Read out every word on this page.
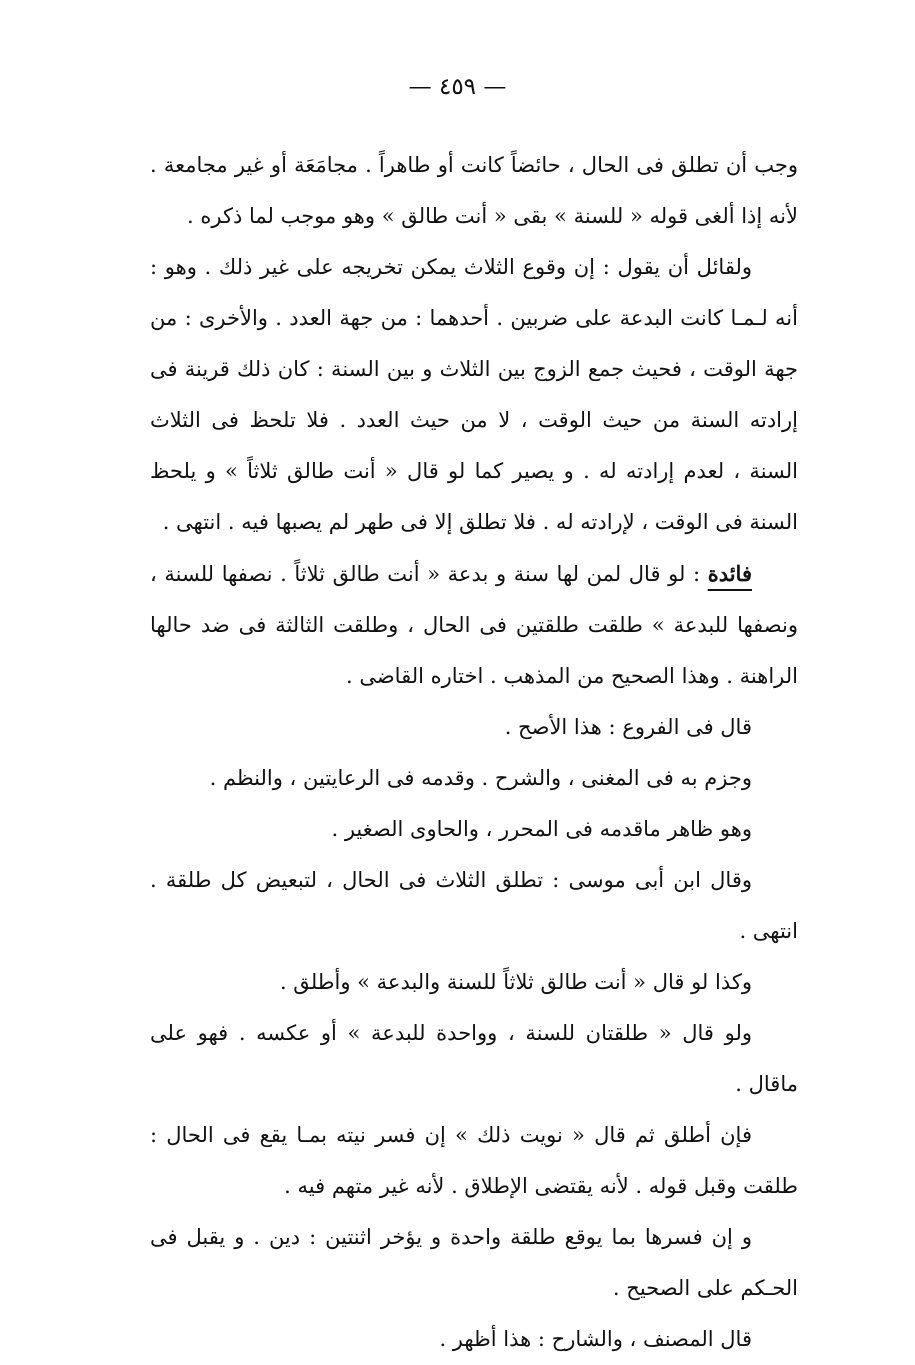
— ٤٥٩ —

وجب أن تطلق فى الحال ، حائضاً كانت أو طاهراً . مجامَعَة أو غير مجامعة . لأنه إذا ألغى قوله « للسنة » بقى « أنت طالق » وهو موجب لما ذكره .

ولقائل أن يقول : إن وقوع الثلاث يمكن تخريجه على غير ذلك . وهو : أنه لـمـا كانت البدعة على ضربين . أحدهما : من جهة العدد . والأخرى : من جهة الوقت ، فحيث جمع الزوج بين الثلاث و بين السنة : كان ذلك قرينة فى إرادته السنة من حيث الوقت ، لا من حيث العدد . فلا تلحظ فى الثلاث السنة ، لعدم إرادته له . و يصير كما لو قال « أنت طالق ثلاثاً » و يلحظ السنة فى الوقت ، لإرادته له . فلا تطلق إلا فى طهر لم يصبها فيه . انتهى .

فائدة : لو قال لمن لها سنة و بدعة « أنت طالق ثلاثاً . نصفها للسنة ، ونصفها للبدعة » طلقت طلقتين فى الحال ، وطلقت الثالثة فى ضد حالها الراهنة . وهذا الصحيح من المذهب . اختاره القاضى .

قال فى الفروع : هذا الأصح .

وجزم به فى المغنى ، والشرح . وقدمه فى الرعايتين ، والنظم .

وهو ظاهر ماقدمه فى المحرر ، والحاوى الصغير .

وقال ابن أبى موسى : تطلق الثلاث فى الحال ، لتبعيض كل طلقة . انتهى .

وكذا لو قال « أنت طالق ثلاثاً للسنة والبدعة » وأطلق .

ولو قال « طلقتان للسنة ، وواحدة للبدعة » أو عكسه . فهو على ماقال .

فإن أطلق ثم قال « نويت ذلك » إن فسر نيته بمـا يقع فى الحال : طلقت وقبل قوله . لأنه يقتضى الإطلاق . لأنه غير متهم فيه .

و إن فسرها بما يوقع طلقة واحدة و يؤخر اثنتين : دين . و يقبل فى الحـكم على الصحيح .

قال المصنف ، والشارح : هذا أظهر .
